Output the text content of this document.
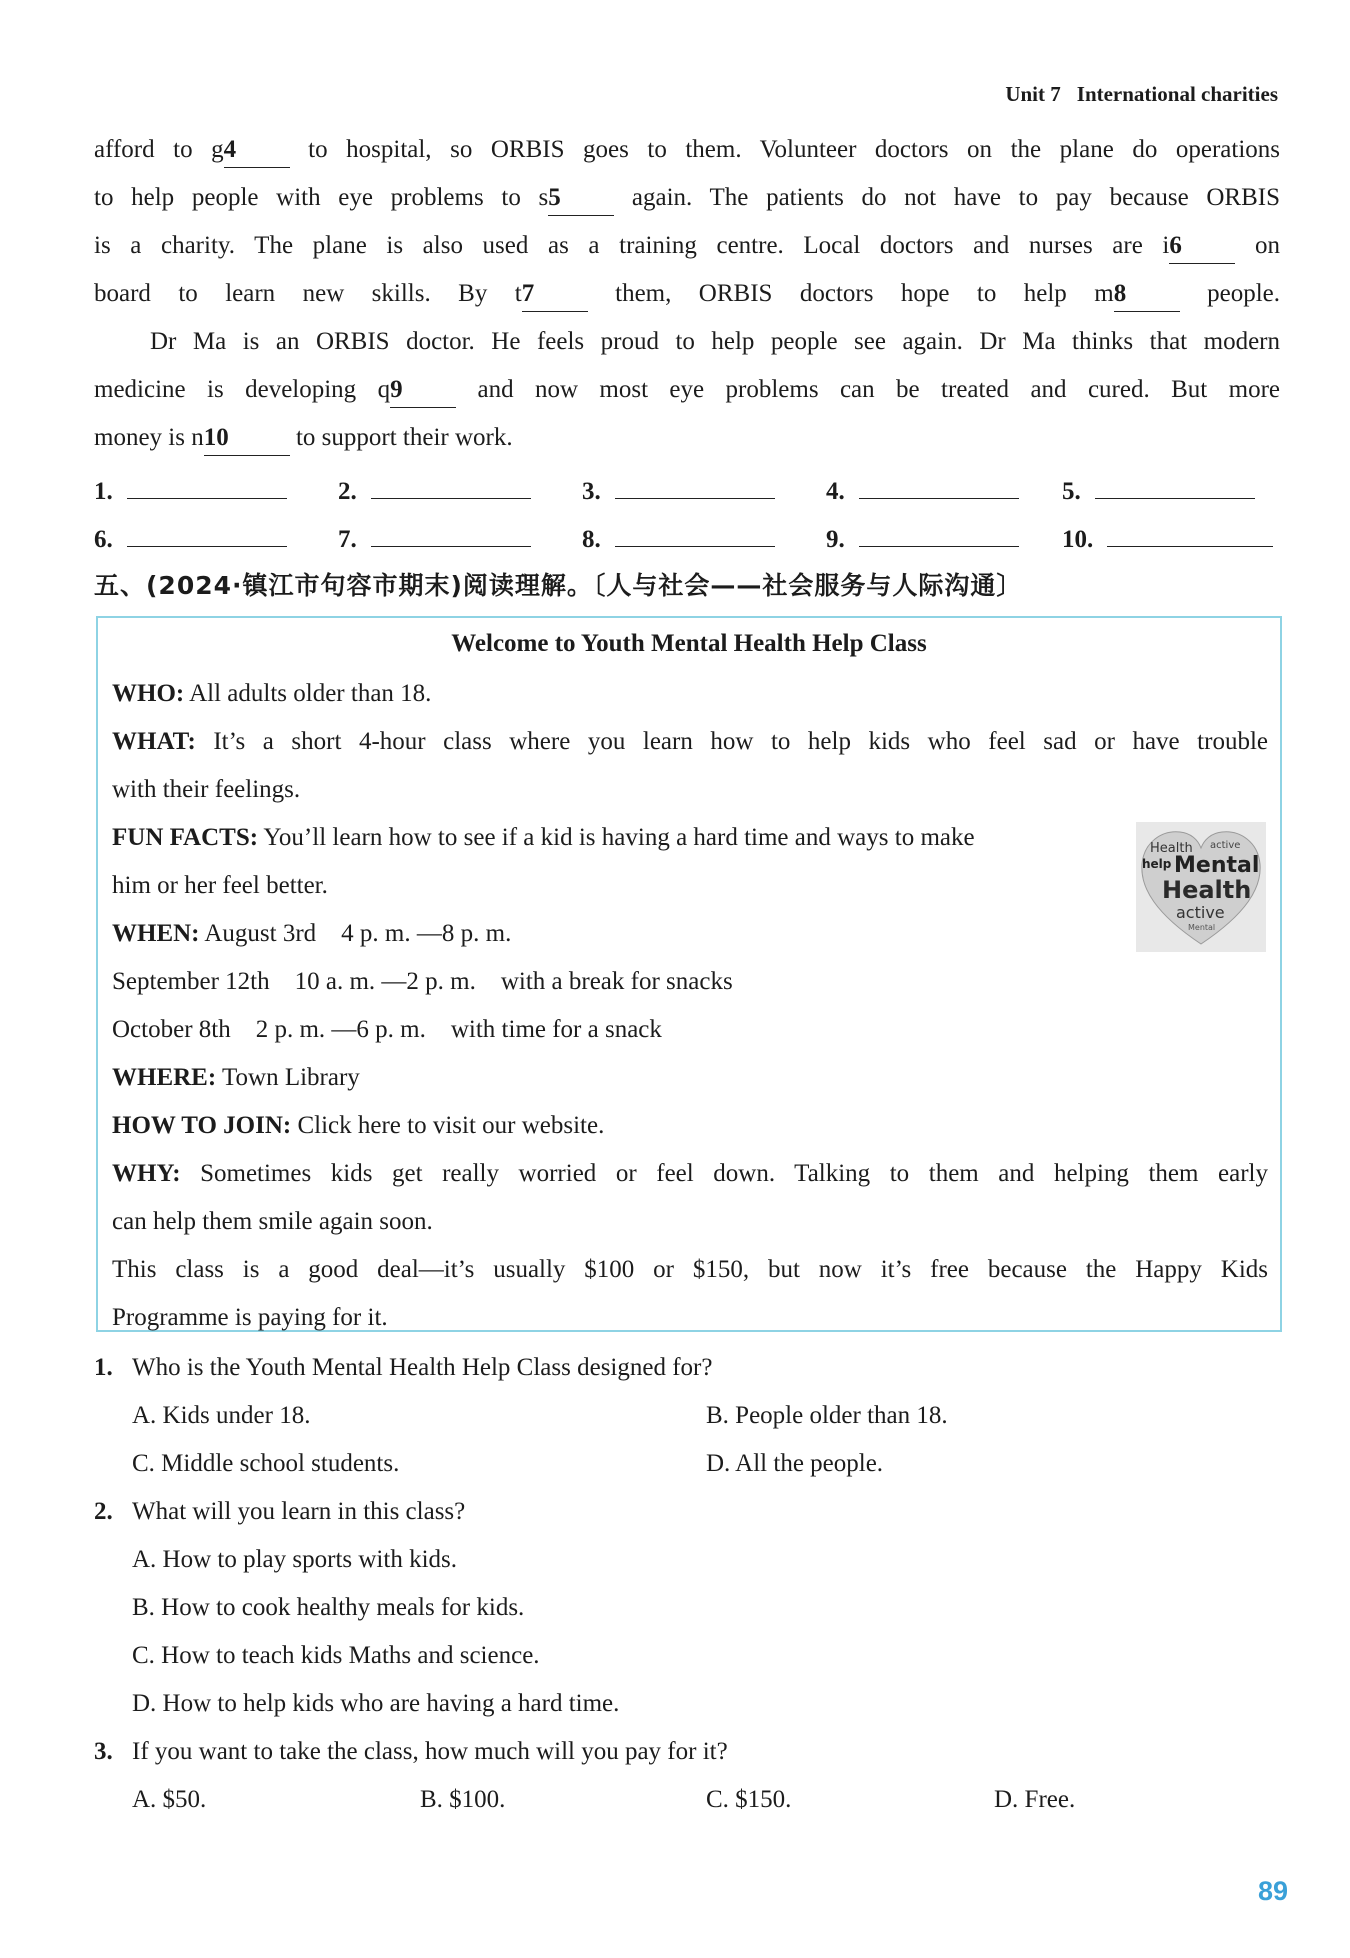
Unit 7 International charities
afford to g4 to hospital, so ORBIS goes to them. Volunteer doctors on the plane do operations
to help people with eye problems to s5 again. The patients do not have to pay because ORBIS
is a charity. The plane is also used as a training centre. Local doctors and nurses are i6 on
board to learn new skills. By t7 them, ORBIS doctors hope to help m8 people.
Dr Ma is an ORBIS doctor. He feels proud to help people see again. Dr Ma thinks that modern
medicine is developing q9 and now most eye problems can be treated and cured. But more
money is n10 to support their work.
1.	2.	3.	4.	5.
6.	7.	8.	9.	10.
五、(2024·镇江市句容市期末)阅读理解。〔人与社会——社会服务与人际沟通〕
Welcome to Youth Mental Health Help Class
WHO: All adults older than 18.
WHAT: It’s a short 4-hour class where you learn how to help kids who feel sad or have trouble
with their feelings.
FUN FACTS: You’ll learn how to see if a kid is having a hard time and ways to make
him or her feel better.
WHEN: August 3rd    4 p. m. —8 p. m.
September 12th    10 a. m. —2 p. m.    with a break for snacks
October 8th    2 p. m. —6 p. m.    with time for a snack
WHERE: Town Library
HOW TO JOIN: Click here to visit our website.
WHY: Sometimes kids get really worried or feel down. Talking to them and helping them early
can help them smile again soon.
This class is a good deal—it’s usually $100 or $150, but now it’s free because the Happy Kids
Programme is paying for it.
Health active
help Mental
Health
active
Mental
1. Who is the Youth Mental Health Help Class designed for?
A. Kids under 18.	B. People older than 18.
C. Middle school students.	D. All the people.
2. What will you learn in this class?
A. How to play sports with kids.
B. How to cook healthy meals for kids.
C. How to teach kids Maths and science.
D. How to help kids who are having a hard time.
3. If you want to take the class, how much will you pay for it?
A. $50.	B. $100.	C. $150.	D. Free.
89
